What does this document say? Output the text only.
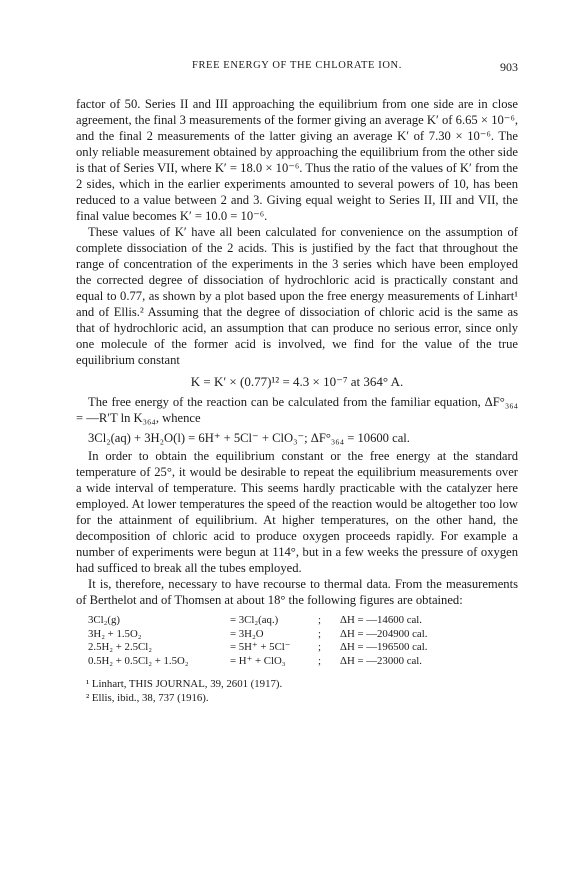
FREE ENERGY OF THE CHLORATE ION.	903

factor of 50. Series II and III approaching the equilibrium from one side are in close agreement, the final 3 measurements of the former giving an average K′ of 6.65 × 10⁻⁶, and the final 2 measurements of the latter giving an average K′ of 7.30 × 10⁻⁶. The only reliable measurement obtained by approaching the equilibrium from the other side is that of Series VII, where K′ = 18.0 × 10⁻⁶. Thus the ratio of the values of K′ from the 2 sides, which in the earlier experiments amounted to several powers of 10, has been reduced to a value between 2 and 3. Giving equal weight to Series II, III and VII, the final value becomes K′ = 10.0 = 10⁻⁶.

These values of K′ have all been calculated for convenience on the assumption of complete dissociation of the 2 acids. This is justified by the fact that throughout the range of concentration of the experiments in the 3 series which have been employed the corrected degree of dissociation of hydrochloric acid is practically constant and equal to 0.77, as shown by a plot based upon the free energy measurements of Linhart¹ and of Ellis.² Assuming that the degree of dissociation of chloric acid is the same as that of hydrochloric acid, an assumption that can produce no serious error, since only one molecule of the former acid is involved, we find for the value of the true equilibrium constant

K = K′ × (0.77)¹² = 4.3 × 10⁻⁷ at 364° A.

The free energy of the reaction can be calculated from the familiar equation, ΔF°₃₆₄ = —R′T ln K₃₆₄, whence

3Cl₂(aq) + 3H₂O(l) = 6H⁺ + 5Cl⁻ + ClO₃⁻; ΔF°₃₆₄ = 10600 cal.

In order to obtain the equilibrium constant or the free energy at the standard temperature of 25°, it would be desirable to repeat the equilibrium measurements over a wide interval of temperature. This seems hardly practicable with the catalyzer here employed. At lower temperatures the speed of the reaction would be altogether too low for the attainment of equilibrium. At higher temperatures, on the other hand, the decomposition of chloric acid to produce oxygen proceeds rapidly. For example a number of experiments were begun at 114°, but in a few weeks the pressure of oxygen had sufficed to break all the tubes employed.

It is, therefore, necessary to have recourse to thermal data. From the measurements of Berthelot and of Thomsen at about 18° the following figures are obtained:

3Cl₂(g)	= 3Cl₂(aq.)	;	ΔH = —14600 cal.
3H₂ + 1.5O₂	= 3H₂O	;	ΔH = —204900 cal.
2.5H₂ + 2.5Cl₂	= 5H⁺ + 5Cl⁻	;	ΔH = —196500 cal.
0.5H₂ + 0.5Cl₂ + 1.5O₂	= H⁺ + ClO₃	;	ΔH = —23000 cal.
¹ Linhart, THIS JOURNAL, 39, 2601 (1917).
² Ellis, ibid., 38, 737 (1916).
